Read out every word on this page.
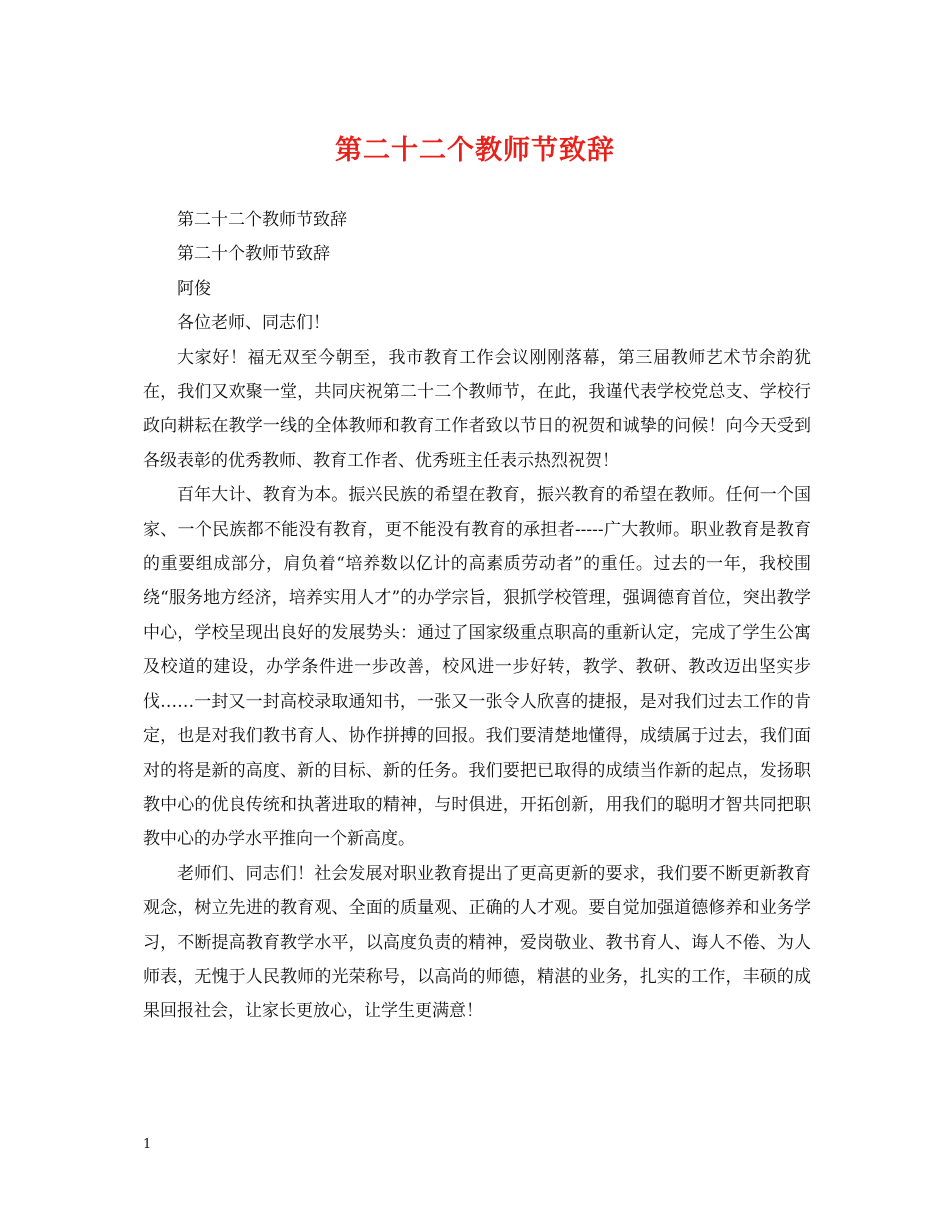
第二十二个教师节致辞

第二十二个教师节致辞

第二十个教师节致辞

阿俊

各位老师、同志们！

大家好！福无双至今朝至，我市教育工作会议刚刚落幕，第三届教师艺术节余韵犹在，我们又欢聚一堂，共同庆祝第二十二个教师节，在此，我谨代表学校党总支、学校行政向耕耘在教学一线的全体教师和教育工作者致以节日的祝贺和诚挚的问候！向今天受到各级表彰的优秀教师、教育工作者、优秀班主任表示热烈祝贺！

百年大计、教育为本。振兴民族的希望在教育，振兴教育的希望在教师。任何一个国家、一个民族都不能没有教育，更不能没有教育的承担者-----广大教师。职业教育是教育的重要组成部分，肩负着“培养数以亿计的高素质劳动者”的重任。过去的一年，我校围绕“服务地方经济，培养实用人才”的办学宗旨，狠抓学校管理，强调德育首位，突出教学中心，学校呈现出良好的发展势头：通过了国家级重点职高的重新认定，完成了学生公寓及校道的建设，办学条件进一步改善，校风进一步好转，教学、教研、教改迈出坚实步伐……一封又一封高校录取通知书，一张又一张令人欣喜的捷报，是对我们过去工作的肯定，也是对我们教书育人、协作拼搏的回报。我们要清楚地懂得，成绩属于过去，我们面对的将是新的高度、新的目标、新的任务。我们要把已取得的成绩当作新的起点，发扬职教中心的优良传统和执著进取的精神，与时俱进，开拓创新，用我们的聪明才智共同把职教中心的办学水平推向一个新高度。

老师们、同志们！社会发展对职业教育提出了更高更新的要求，我们要不断更新教育观念，树立先进的教育观、全面的质量观、正确的人才观。要自觉加强道德修养和业务学习，不断提高教育教学水平，以高度负责的精神，爱岗敬业、教书育人、诲人不倦、为人师表，无愧于人民教师的光荣称号，以高尚的师德，精湛的业务，扎实的工作，丰硕的成果回报社会，让家长更放心，让学生更满意！

1
